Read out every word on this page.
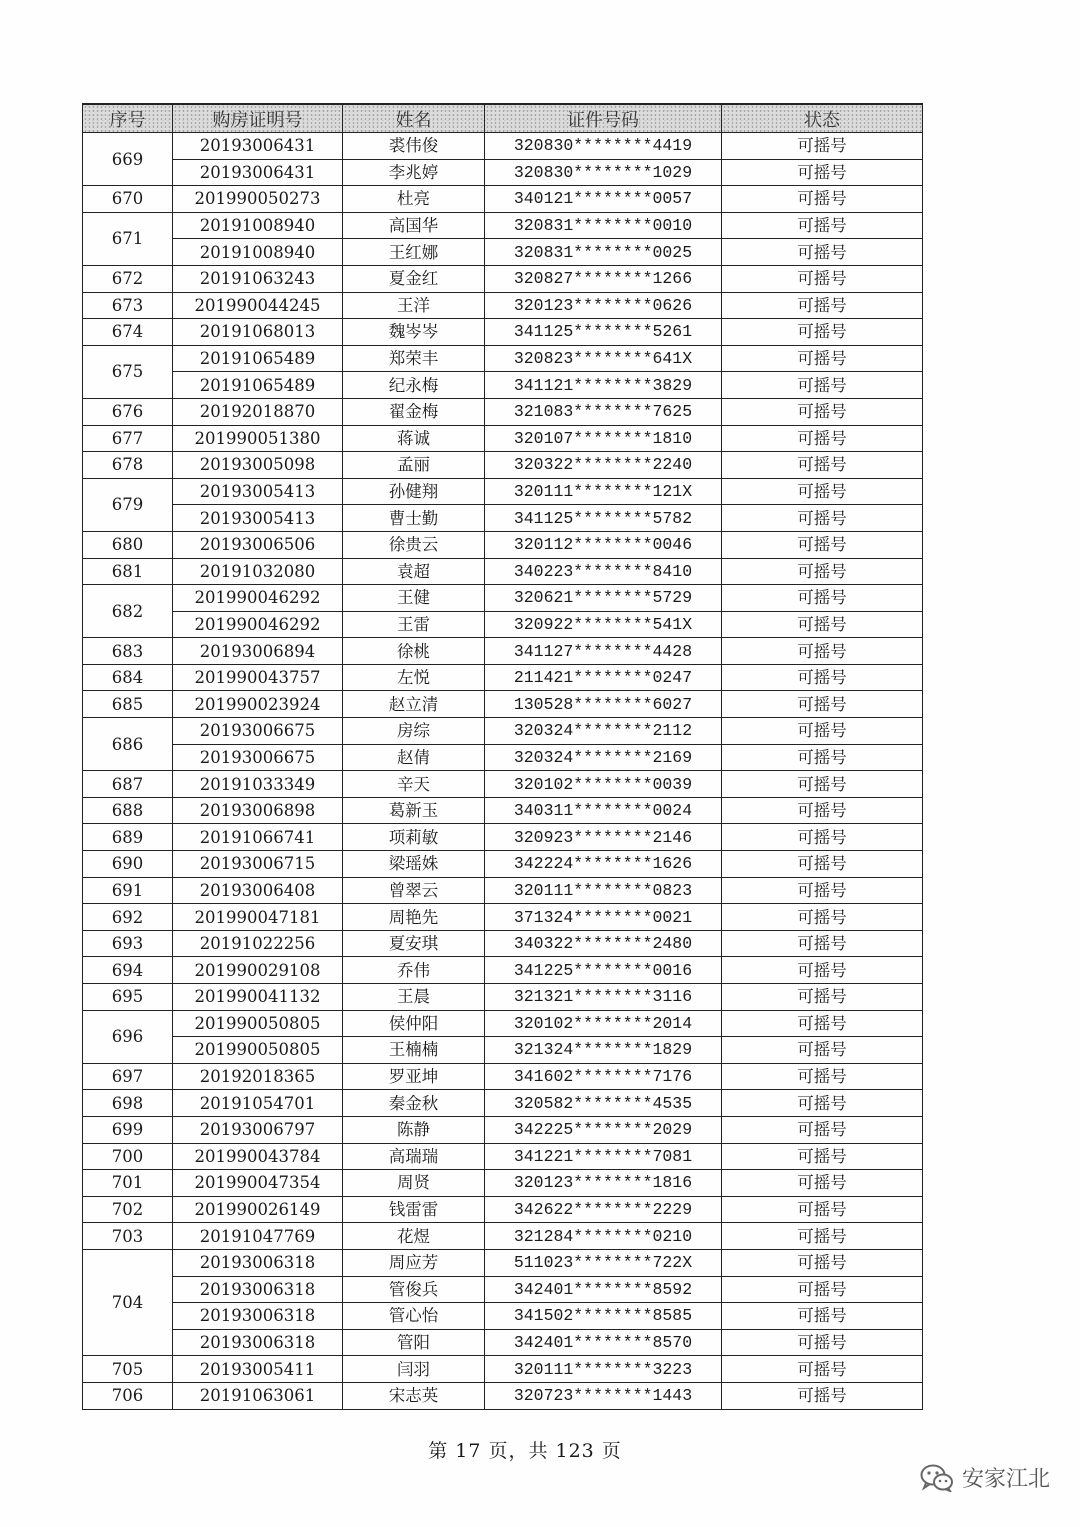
序号	购房证明号	姓名	证件号码	状态
669	20193006431	裘伟俊	320830********4419	可摇号
	20193006431	李兆婷	320830********1029	可摇号
670	201990050273	杜亮	340121********0057	可摇号
671	20191008940	高国华	320831********0010	可摇号
	20191008940	王红娜	320831********0025	可摇号
672	20191063243	夏金红	320827********1266	可摇号
673	201990044245	王洋	320123********0626	可摇号
674	20191068013	魏岑岑	341125********5261	可摇号
675	20191065489	郑荣丰	320823********641X	可摇号
	20191065489	纪永梅	341121********3829	可摇号
676	20192018870	翟金梅	321083********7625	可摇号
677	201990051380	蒋诚	320107********1810	可摇号
678	20193005098	孟丽	320322********2240	可摇号
679	20193005413	孙健翔	320111********121X	可摇号
	20193005413	曹士勤	341125********5782	可摇号
680	20193006506	徐贵云	320112********0046	可摇号
681	20191032080	袁超	340223********8410	可摇号
682	201990046292	王健	320621********5729	可摇号
	201990046292	王雷	320922********541X	可摇号
683	20193006894	徐桃	341127********4428	可摇号
684	201990043757	左悦	211421********0247	可摇号
685	201990023924	赵立清	130528********6027	可摇号
686	20193006675	房综	320324********2112	可摇号
	20193006675	赵倩	320324********2169	可摇号
687	20191033349	辛天	320102********0039	可摇号
688	20193006898	葛新玉	340311********0024	可摇号
689	20191066741	项莉敏	320923********2146	可摇号
690	20193006715	梁瑶姝	342224********1626	可摇号
691	20193006408	曾翠云	320111********0823	可摇号
692	201990047181	周艳先	371324********0021	可摇号
693	20191022256	夏安琪	340322********2480	可摇号
694	201990029108	乔伟	341225********0016	可摇号
695	201990041132	王晨	321321********3116	可摇号
696	201990050805	侯仲阳	320102********2014	可摇号
	201990050805	王楠楠	321324********1829	可摇号
697	20192018365	罗亚坤	341602********7176	可摇号
698	20191054701	秦金秋	320582********4535	可摇号
699	20193006797	陈静	342225********2029	可摇号
700	201990043784	高瑞瑞	341221********7081	可摇号
701	201990047354	周贤	320123********1816	可摇号
702	201990026149	钱雷雷	342622********2229	可摇号
703	20191047769	花煜	321284********0210	可摇号
704	20193006318	周应芳	511023********722X	可摇号
	20193006318	管俊兵	342401********8592	可摇号
	20193006318	管心怡	341502********8585	可摇号
	20193006318	管阳	342401********8570	可摇号
705	20193005411	闫羽	320111********3223	可摇号
706	20191063061	宋志英	320723********1443	可摇号
第 17 页，共 123 页
安家江北
